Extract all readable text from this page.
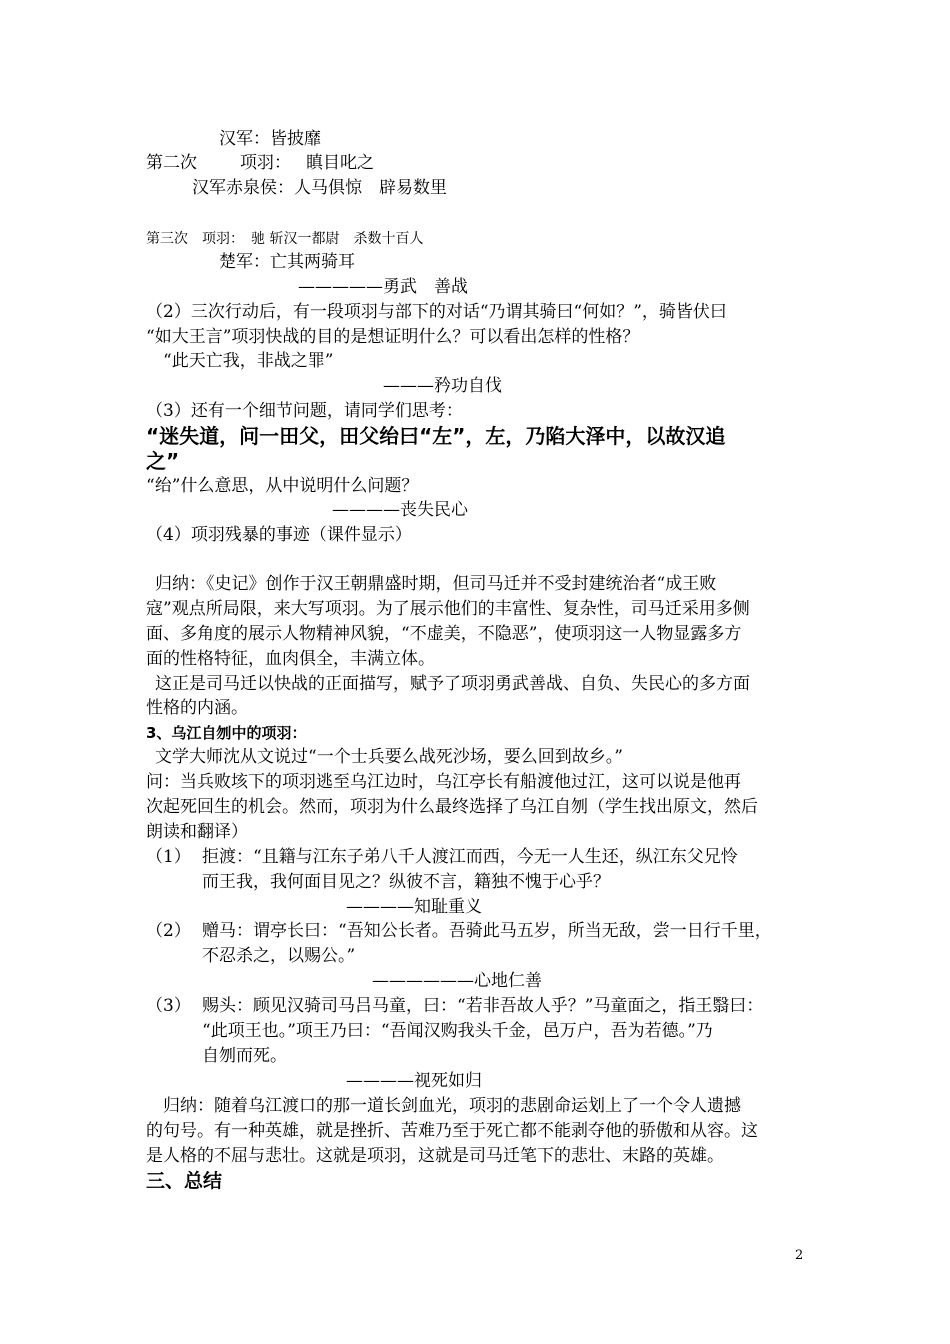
汉军：皆披靡
第二次	项羽： 瞋目叱之
汉军赤泉侯：人马俱惊　辟易数里
第三次　项羽：　驰 斩汉一都尉　杀数十百人
楚军：亡其两骑耳
—————勇武　善战
（2）三次行动后，有一段项羽与部下的对话“乃谓其骑曰“何如？”，骑皆伏曰
“如大王言”项羽快战的目的是想证明什么？可以看出怎样的性格？
“此天亡我，非战之罪”
———矜功自伐
（3）还有一个细节问题，请同学们思考：
“迷失道，问一田父，田父绐曰“左”，左，乃陷大泽中，以故汉追
之”
“绐”什么意思，从中说明什么问题？
————丧失民心
（4）项羽残暴的事迹（课件显示）
归纳：《史记》创作于汉王朝鼎盛时期，但司马迁并不受封建统治者“成王败
寇”观点所局限，来大写项羽。为了展示他们的丰富性、复杂性，司马迁采用多侧
面、多角度的展示人物精神风貌，“不虚美，不隐恶”，使项羽这一人物显露多方
面的性格特征，血肉俱全，丰满立体。
这正是司马迁以快战的正面描写，赋予了项羽勇武善战、自负、失民心的多方面
性格的内涵。
3、乌江自刎中的项羽：
文学大师沈从文说过“一个士兵要么战死沙场，要么回到故乡。”
问：当兵败垓下的项羽逃至乌江边时，乌江亭长有船渡他过江，这可以说是他再
次起死回生的机会。然而，项羽为什么最终选择了乌江自刎（学生找出原文，然后
朗读和翻译）
（1） 拒渡：“且籍与江东子弟八千人渡江而西，今无一人生还，纵江东父兄怜
而王我，我何面目见之？纵彼不言，籍独不愧于心乎？
————知耻重义
（2） 赠马：谓亭长曰：“吾知公长者。吾骑此马五岁，所当无敌，尝一日行千里，
不忍杀之，以赐公。”
——————心地仁善
（3） 赐头：顾见汉骑司马吕马童，曰：“若非吾故人乎？”马童面之，指王翳曰：
“此项王也。”项王乃曰：“吾闻汉购我头千金，邑万户，吾为若德。”乃
自刎而死。
————视死如归
归纳：随着乌江渡口的那一道长剑血光，项羽的悲剧命运划上了一个令人遗撼
的句号。有一种英雄，就是挫折、苦难乃至于死亡都不能剥夺他的骄傲和从容。这
是人格的不屈与悲壮。这就是项羽，这就是司马迁笔下的悲壮、末路的英雄。
三、总结
2
